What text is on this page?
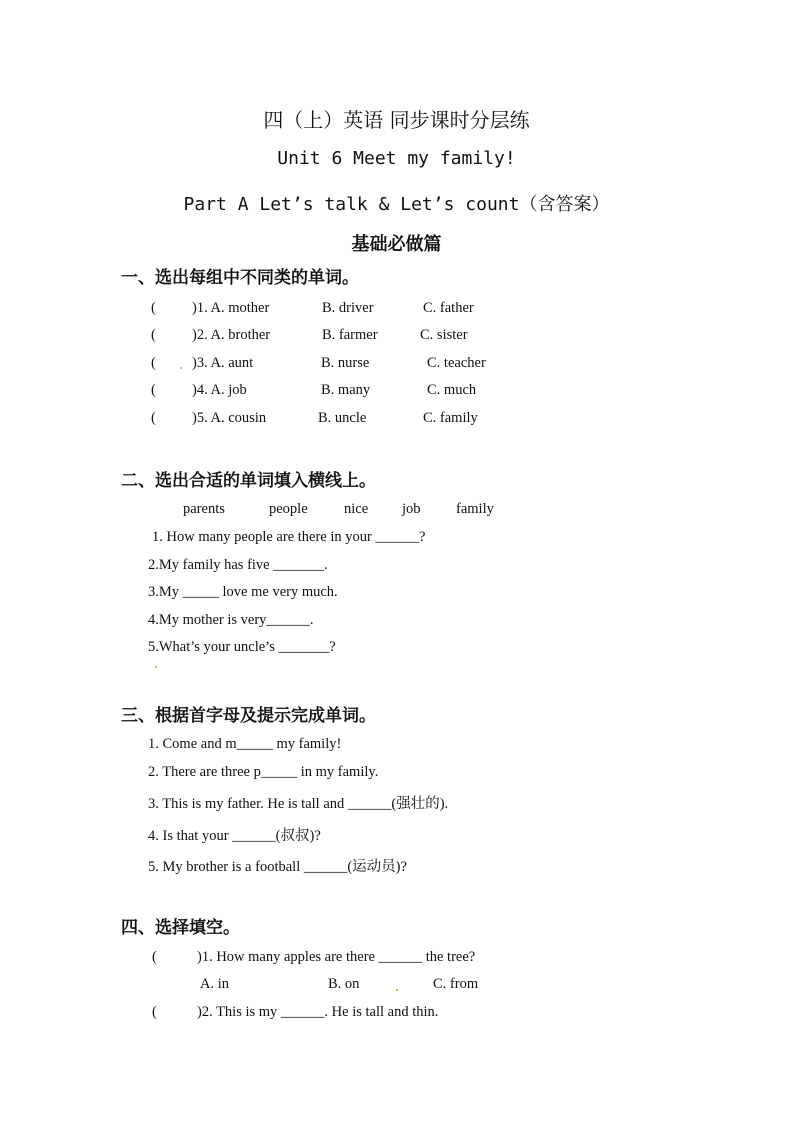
四（上）英语 同步课时分层练
Unit 6 Meet my family!
Part A Let’s talk & Let’s count（含答案）
基础必做篇
一、选出每组中不同类的单词。
( )1. A. mother	B. driver	C. father
( )2. A. brother	B. farmer	C. sister
( )3. A. aunt	B. nurse	C. teacher
( )4. A. job	B. many	C. much
( )5. A. cousin	B. uncle	C. family
二、选出合适的单词填入横线上。
parents	people	nice job family
1. How many people are there in your ______?
2.My family has five _______.
3.My _____ love me very much.
4.My mother is very______.
5.What’s your uncle’s _______?
三、根据首字母及提示完成单词。
1. Come and m_____ my family!
2. There are three p_____ in my family.
3. This is my father. He is tall and ______(强壮的).
4. Is that your ______(叔叔)?
5. My brother is a football ______(运动员)?
四、选择填空。
(	)1. How many apples are there ______ the tree?
A. in	B. on	C. from
(	)2. This is my ______. He is tall and thin.
